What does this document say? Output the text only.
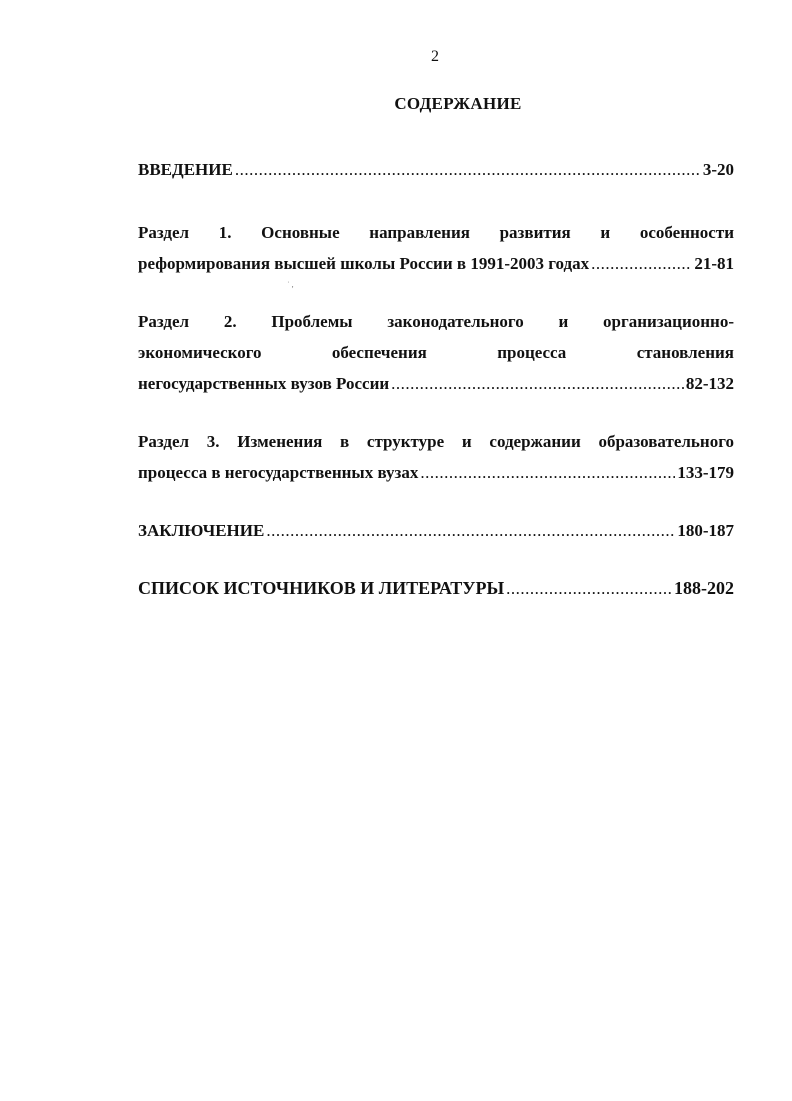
2
СОДЕРЖАНИЕ
˙ ,
ВВЕДЕНИЕ .....	3-20
Раздел 1. Основные направления развития и особенности
реформирования высшей школы России в 1991-2003 годах .....	21-81
Раздел 2. Проблемы законодательного и организационно-
экономического обеспечения процесса становления
негосударственных вузов России .....	82-132
Раздел 3. Изменения в структуре и содержании образовательного
процесса в негосударственных вузах .....	133-179
ЗАКЛЮЧЕНИЕ .....	180-187
СПИСОК ИСТОЧНИКОВ И ЛИТЕРАТУРЫ .....	188-202
